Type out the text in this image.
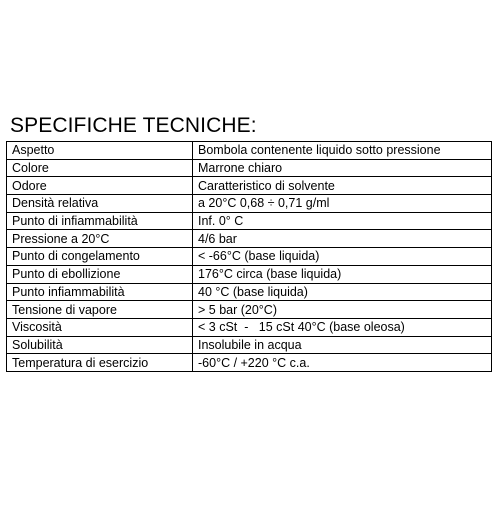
SPECIFICHE TECNICHE:
Aspetto	Bombola contenente liquido sotto pressione
Colore	Marrone chiaro
Odore	Caratteristico di solvente
Densità relativa	a 20°C 0,68 ÷ 0,71 g/ml
Punto di infiammabilità	Inf. 0° C
Pressione a 20°C	4/6 bar
Punto di congelamento	< -66°C (base liquida)
Punto di ebollizione	176°C circa (base liquida)
Punto infiammabilità	40 °C (base liquida)
Tensione di vapore	> 5 bar (20°C)
Viscosità	< 3 cSt  -   15 cSt 40°C (base oleosa)
Solubilità	Insolubile in acqua
Temperatura di esercizio	-60°C / +220 °C c.a.
